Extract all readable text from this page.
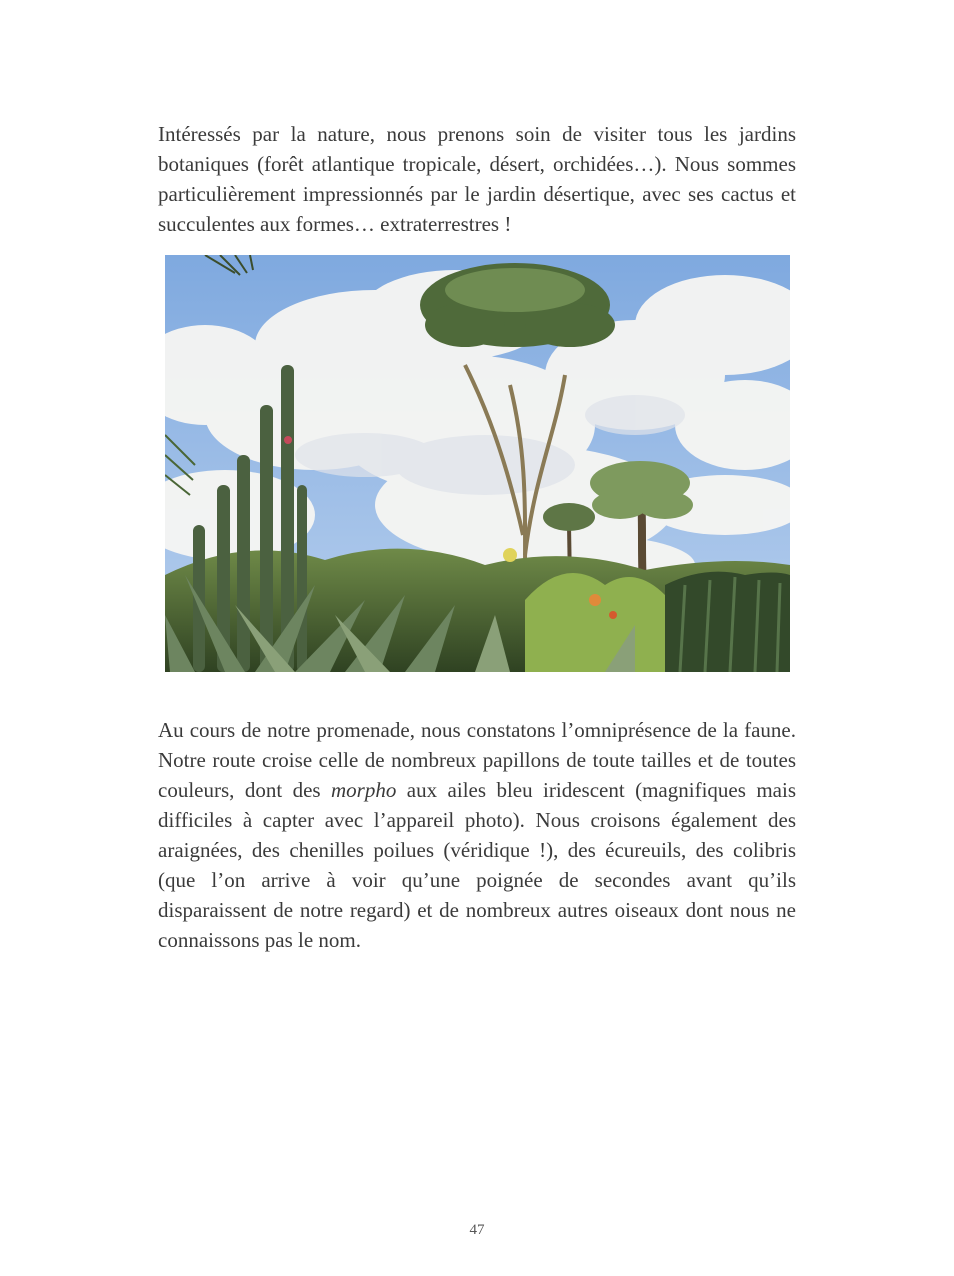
Intéressés par la nature, nous prenons soin de visiter tous les jardins botaniques (forêt atlantique tropicale, désert, orchidées…). Nous sommes particulièrement impressionnés par le jardin désertique, avec ses cactus et succulentes aux formes… extraterrestres !

Au cours de notre promenade, nous constatons l’omniprésence de la faune. Notre route croise celle de nombreux papillons de toute tailles et de toutes couleurs, dont des morpho aux ailes bleu iridescent (magnifiques mais difficiles à capter avec l’appareil photo). Nous croisons également des araignées, des chenilles poilues (véridique !), des écureuils, des colibris (que l’on arrive à voir qu’une poignée de secondes avant qu’ils disparaissent de notre regard) et de nombreux autres oiseaux dont nous ne connaissons pas le nom.

47
